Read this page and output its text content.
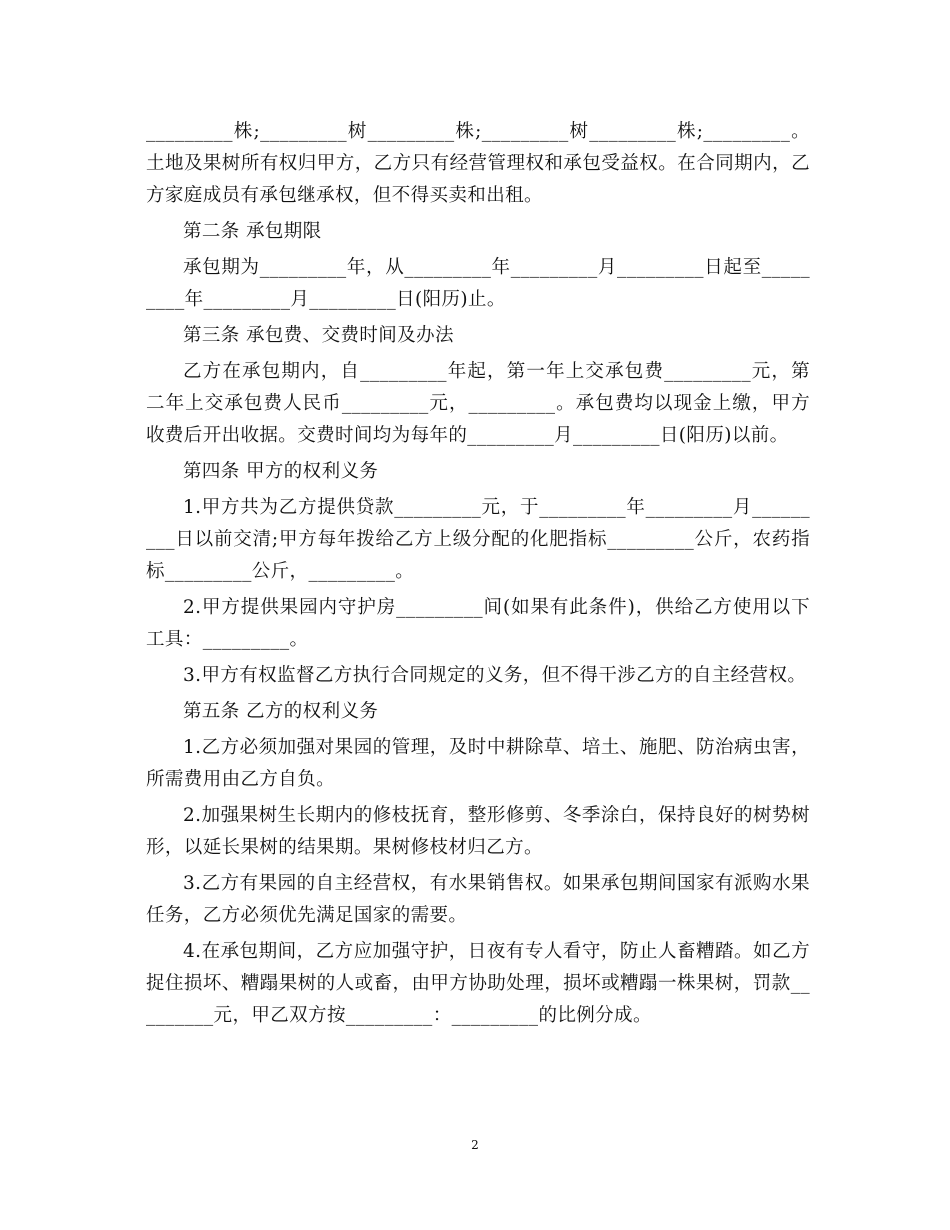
_________株;_________树_________株;_________树_________株;_________。土地及果树所有权归甲方，乙方只有经营管理权和承包受益权。在合同期内，乙方家庭成员有承包继承权，但不得买卖和出租。

第二条 承包期限

承包期为_________年，从_________年_________月_________日起至_________年_________月_________日(阳历)止。

第三条 承包费、交费时间及办法

乙方在承包期内，自_________年起，第一年上交承包费_________元，第二年上交承包费人民币_________元，_________。承包费均以现金上缴，甲方收费后开出收据。交费时间均为每年的_________月_________日(阳历)以前。

第四条 甲方的权利义务

1.甲方共为乙方提供贷款_________元，于_________年_________月_________日以前交清;甲方每年拨给乙方上级分配的化肥指标_________公斤，农药指标_________公斤，_________。

2.甲方提供果园内守护房_________间(如果有此条件)，供给乙方使用以下工具：_________。

3.甲方有权监督乙方执行合同规定的义务，但不得干涉乙方的自主经营权。

第五条 乙方的权利义务

1.乙方必须加强对果园的管理，及时中耕除草、培土、施肥、防治病虫害，所需费用由乙方自负。

2.加强果树生长期内的修枝抚育，整形修剪、冬季涂白，保持良好的树势树形，以延长果树的结果期。果树修枝材归乙方。

3.乙方有果园的自主经营权，有水果销售权。如果承包期间国家有派购水果任务，乙方必须优先满足国家的需要。

4.在承包期间，乙方应加强守护，日夜有专人看守，防止人畜糟踏。如乙方捉住损坏、糟蹋果树的人或畜，由甲方协助处理，损坏或糟蹋一株果树，罚款_________元，甲乙双方按_________：_________的比例分成。

2
